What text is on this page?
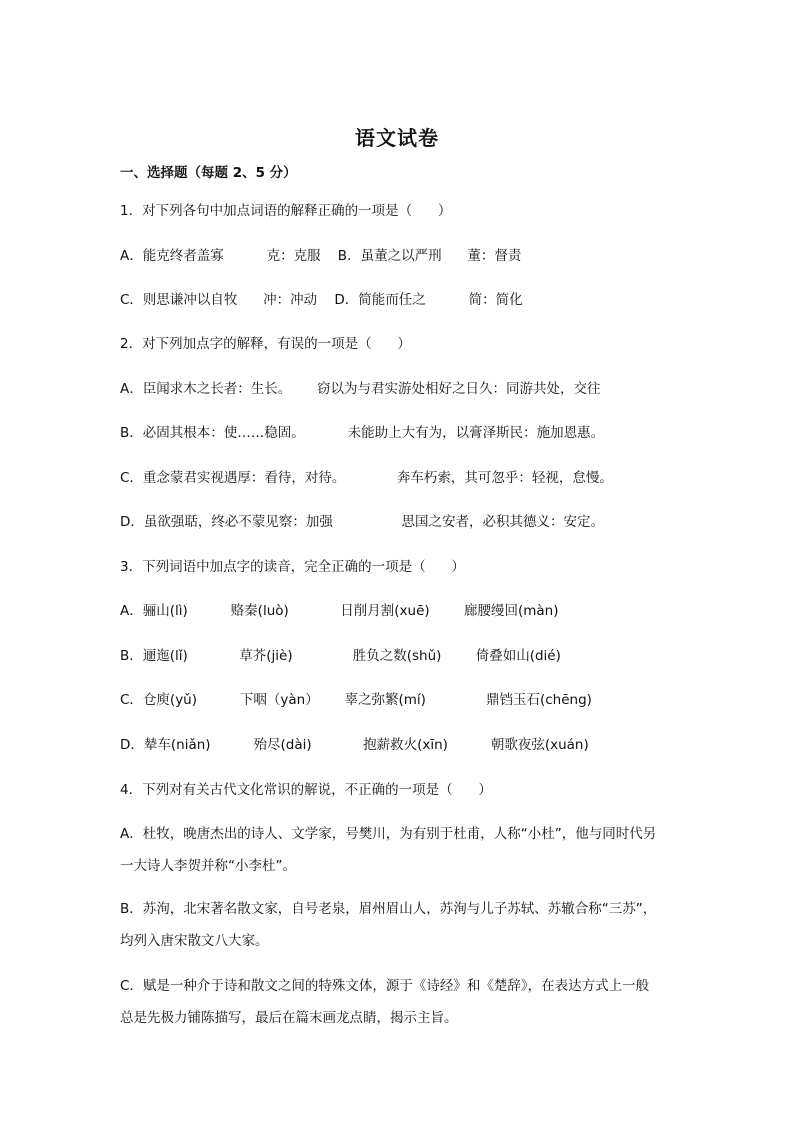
语文试卷
一、选择题（每题 2、5 分）
1．对下列各句中加点词语的解释正确的一项是（      ）
A．能克终者盖寡          克：克服    B．虽董之以严刑      董：督责
C．则思谦冲以自牧      冲：冲动    D．简能而任之          简：简化
2．对下列加点字的解释，有误的一项是（      ）
A．臣闻求木之长者：生长。      窃以为与君实游处相好之日久：同游共处，交往
B．必固其根本：使……稳固。          未能助上大有为，以膏泽斯民：施加恩惠。
C．重念蒙君实视遇厚：看待，对待。            奔车朽索，其可忽乎：轻视，怠慢。
D．虽欲强聒，终必不蒙见察：加强                思国之安者，必积其德义：安定。
3．下列词语中加点字的读音，完全正确的一项是（      ）
A．骊山(lì)          赂秦(luò)            日削月割(xuē)        廊腰缦回(màn)
B．逦迤(lǐ)            草芥(jiè)              胜负之数(shǔ)        倚叠如山(dié)
C．仓庾(yǔ)          下咽（yàn）      辜之弥繁(mí)              鼎铛玉石(chēng)
D．辇车(niǎn)          殆尽(dài)            抱薪救火(xīn)          朝歌夜弦(xuán)
4．下列对有关古代文化常识的解说，不正确的一项是（      ）
A．杜牧，晚唐杰出的诗人、文学家，号樊川，为有别于杜甫，人称“小杜”，他与同时代另
一大诗人李贺并称“小李杜”。
B．苏洵，北宋著名散文家，自号老泉，眉州眉山人，苏洵与儿子苏轼、苏辙合称“三苏”，
均列入唐宋散文八大家。
C．赋是一种介于诗和散文之间的特殊文体，源于《诗经》和《楚辞》，在表达方式上一般
总是先极力铺陈描写，最后在篇末画龙点睛，揭示主旨。
